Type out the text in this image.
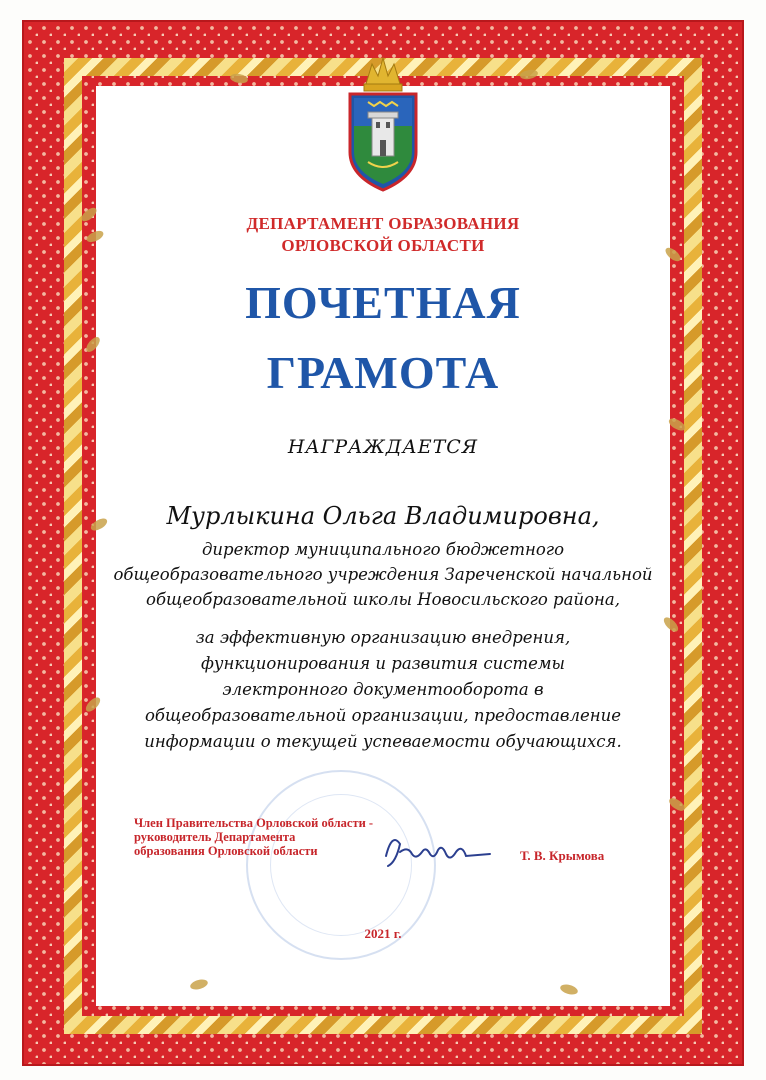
ДЕПАРТАМЕНТ ОБРАЗОВАНИЯ
ОРЛОВСКОЙ ОБЛАСТИ
ПОЧЕТНАЯ
ГРАМОТА
НАГРАЖДАЕТСЯ
Мурлыкина Ольга Владимировна,
директор муниципального бюджетного
общеобразовательного учреждения Зареченской начальной
общеобразовательной школы Новосильского района,
за эффективную организацию внедрения,
функционирования и развития системы
электронного документооборота в
общеобразовательной организации, предоставление
информации о текущей успеваемости обучающихся.
Член Правительства Орловской области -
руководитель Департамента
образования Орловской области	Т. В. Крымова
2021 г.
